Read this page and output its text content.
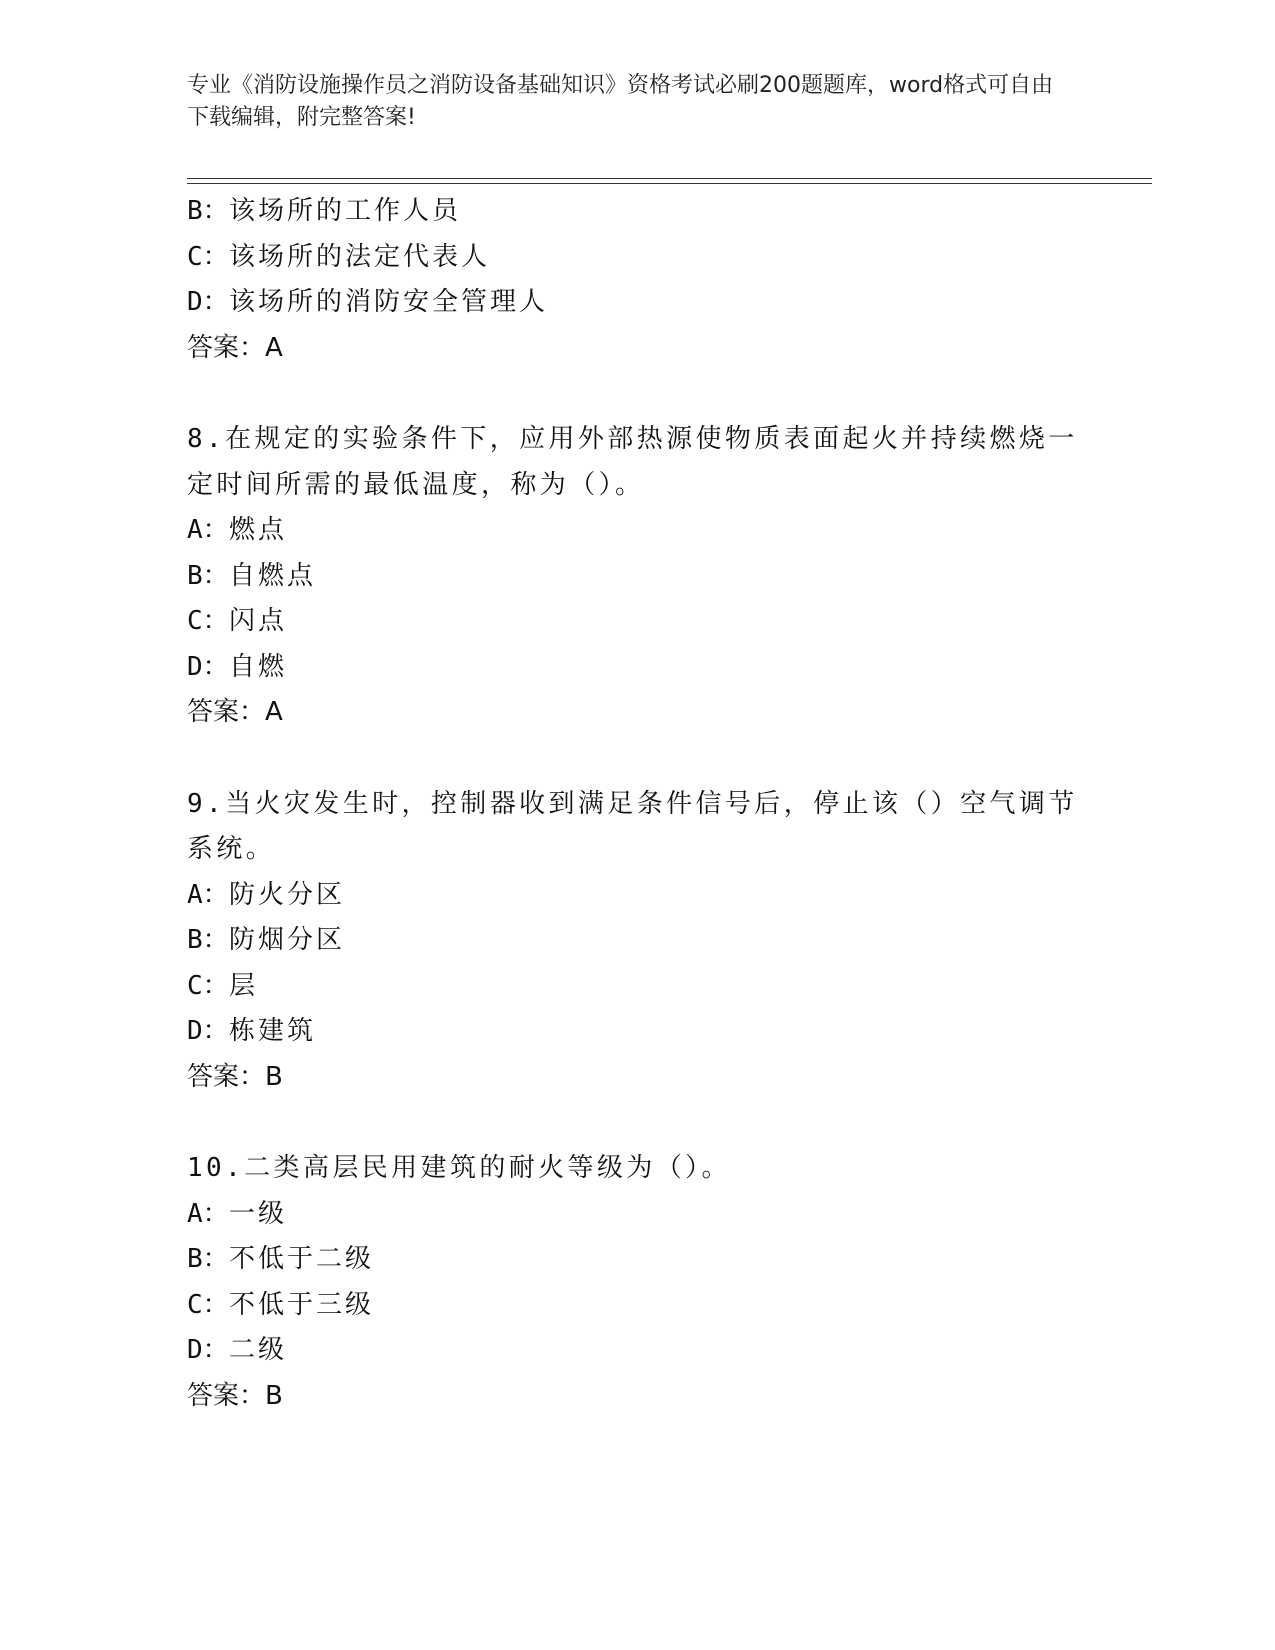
专业《消防设施操作员之消防设备基础知识》资格考试必刷200题题库，word格式可自由下载编辑，附完整答案!
B：该场所的工作人员
C：该场所的法定代表人
D：该场所的消防安全管理人
答案：A
8.在规定的实验条件下，应用外部热源使物质表面起火并持续燃烧一
定时间所需的最低温度，称为（）。
A：燃点
B：自燃点
C：闪点
D：自燃
答案：A
9.当火灾发生时，控制器收到满足条件信号后，停止该（）空气调节
系统。
A：防火分区
B：防烟分区
C：层
D：栋建筑
答案：B
10.二类高层民用建筑的耐火等级为（）。
A：一级
B：不低于二级
C：不低于三级
D：二级
答案：B
